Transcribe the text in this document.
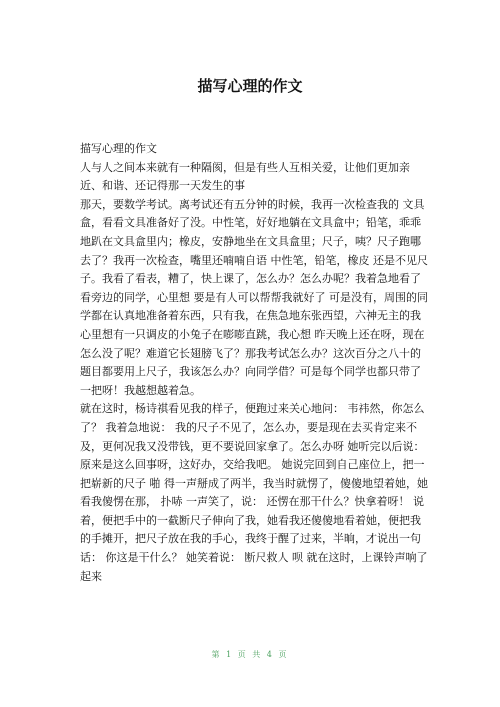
描写心理的作文

描写心理的作文

人与人之间本来就有一种隔阂，但是有些人互相关爱，让他们更加亲近、和谐、还记得那一天发生的事

那天，要数学考试。离考试还有五分钟的时候，我再一次检查我的 文具盒，看看文具准备好了没。中性笔，好好地躺在文具盒中；铅笔，乖乖地趴在文具盒里内；橡皮，安静地坐在文具盒里；尺子，咦？尺子跑哪去了？我再一次检查，嘴里还喃喃自语 中性笔，铅笔，橡皮 还是不见尺子。我看了看表，糟了，快上课了，怎么办？怎么办呢？我着急地看了看旁边的同学，心里想 要是有人可以帮帮我就好了 可是没有，周围的同学都在认真地准备着东西，只有我，在焦急地东张西望，六神无主的我心里想有一只调皮的小兔子在嘭嘭直跳，我心想 昨天晚上还在呀，现在怎么没了呢？难道它长翅膀飞了？那我考试怎么办？这次百分之八十的题目都要用上尺子，我该怎么办？向同学借？可是每个同学也都只带了一把呀！我越想越着急。

就在这时，杨诗祺看见我的样子，便跑过来关心地问： 韦祎然，你怎么了？ 我着急地说： 我的尺子不见了，怎么办，要是现在去买肯定来不及，更何况我又没带钱，更不要说回家拿了。怎么办呀 她听完以后说： 原来是这么回事呀，这好办，交给我吧。 她说完回到自己座位上，把一把崭新的尺子 啪 得一声掰成了两半，我当时就愣了，傻傻地望着她，她看我傻愣在那， 扑哧 一声笑了，说： 还愣在那干什么？快拿着呀！ 说着，便把手中的一截断尺子伸向了我，她看我还傻傻地看着她，便把我的手摊开，把尺子放在我的手心，我终于醒了过来，半晌，才说出一句话： 你这是干什么？ 她笑着说： 断尺救人 呗 就在这时，上课铃声响了起来

第 1 页 共 4 页
